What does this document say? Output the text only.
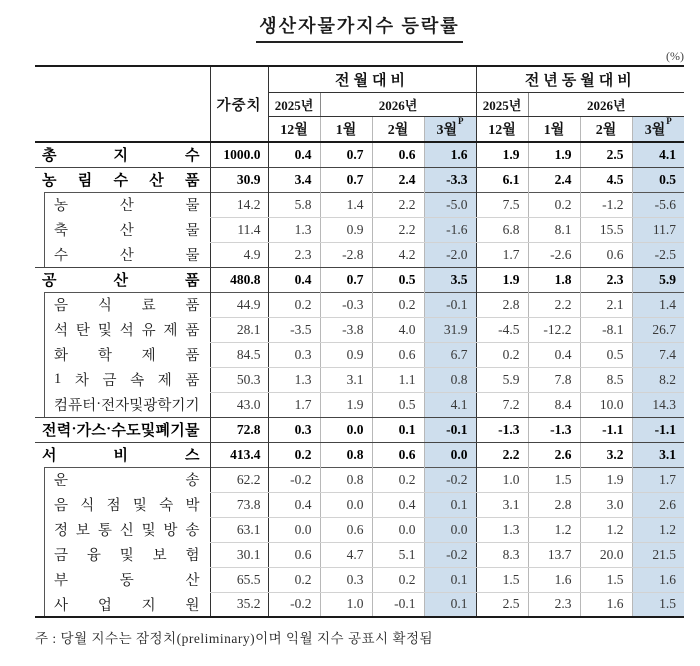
생산자물가지수 등락률
(%)
	가중치	전월대비				전년동월대비			
		2025년	2026년			2025년	2026년		
		12월	1월	2월	3월$^P$	12월	1월	2월	3월$^P$

총 지 수	1000.0	0.4	0.7	0.6	1.6	1.9	1.9	2.5	4.1

농 림 수 산 품	30.9	3.4	0.7	2.4	-3.3	6.1	2.4	4.5	0.5

농 산 물	14.2	5.8	1.4	2.2	-5.0	7.5	0.2	-1.2	-5.6

축 산 물	11.4	1.3	0.9	2.2	-1.6	6.8	8.1	15.5	11.7

수 산 물	4.9	2.3	-2.8	4.2	-2.0	1.7	-2.6	0.6	-2.5

공 산 품	480.8	0.4	0.7	0.5	3.5	1.9	1.8	2.3	5.9

음 식 료 품	44.9	0.2	-0.3	0.2	-0.1	2.8	2.2	2.1	1.4

석 탄 및 석 유 제 품	28.1	-3.5	-3.8	4.0	31.9	-4.5	-12.2	-8.1	26.7

화 학 제 품	84.5	0.3	0.9	0.6	6.7	0.2	0.4	0.5	7.4

1 차 금 속 제 품	50.3	1.3	3.1	1.1	0.8	5.9	7.8	8.5	8.2

컴 퓨 터 · 전 자 및 광 학 기 기	43.0	1.7	1.9	0.5	4.1	7.2	8.4	10.0	14.3

전 력 · 가 스 · 수 도 및 폐 기 물	72.8	0.3	0.0	0.1	-0.1	-1.3	-1.3	-1.1	-1.1

서 비 스	413.4	0.2	0.8	0.6	0.0	2.2	2.6	3.2	3.1

운 송	62.2	-0.2	0.8	0.2	-0.2	1.0	1.5	1.9	1.7

음 식 점 및 숙 박	73.8	0.4	0.0	0.4	0.1	3.1	2.8	3.0	2.6

정 보 통 신 및 방 송	63.1	0.0	0.6	0.0	0.0	1.3	1.2	1.2	1.2

금 융 및 보 험	30.1	0.6	4.7	5.1	-0.2	8.3	13.7	20.0	21.5

부 동 산	65.5	0.2	0.3	0.2	0.1	1.5	1.6	1.5	1.6

사 업 지 원	35.2	-0.2	1.0	-0.1	0.1	2.5	2.3	1.6	1.5
주 : 당월 지수는 잠정치(preliminary)이며 익월 지수 공표시 확정됨
